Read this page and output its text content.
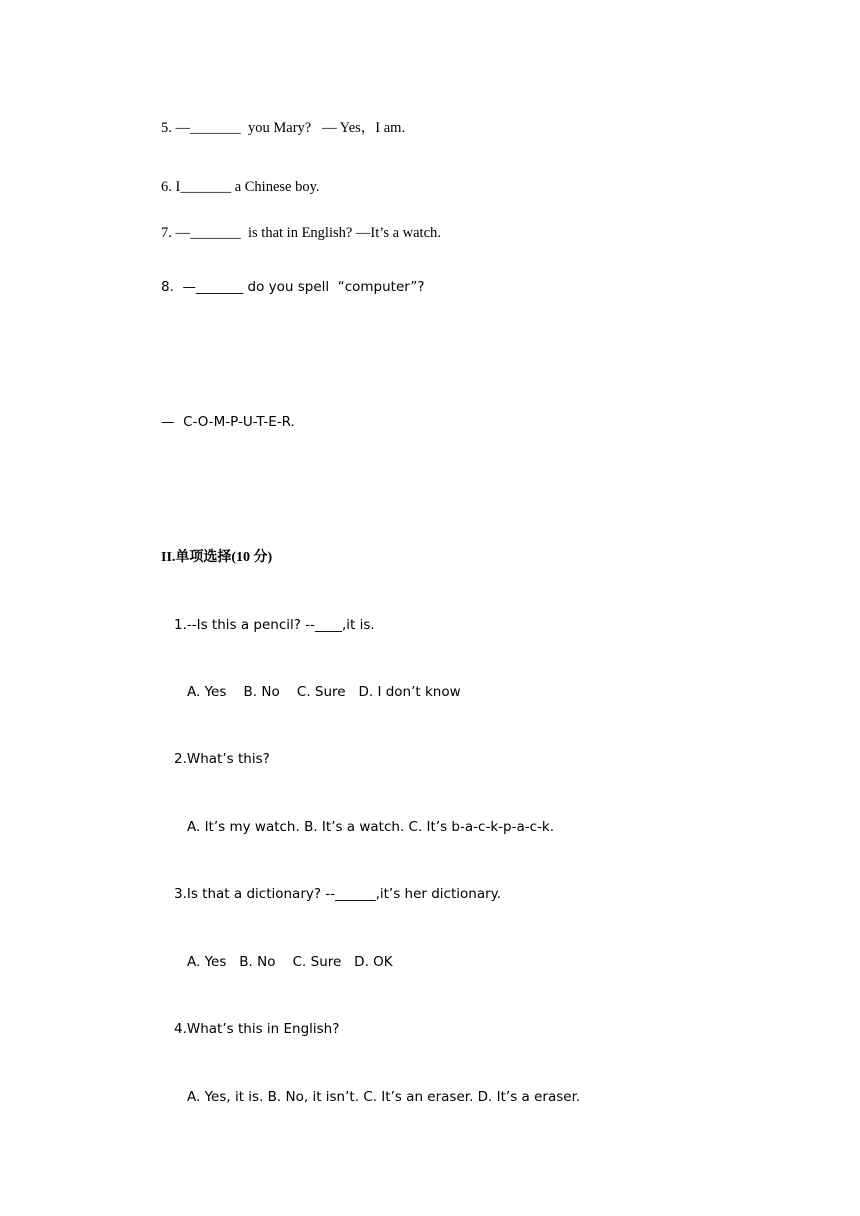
5. —_______  you Mary?   — Yes，I am.
6. I_______ a Chinese boy.
7. —_______  is that in English? —It’s a watch.
8.  —_______ do you spell  “computer”?
—  C-O-M-P-U-T-E-R.
II.单项选择(10 分)
1.--Is this a pencil? --____,it is.
A. Yes    B. No    C. Sure   D. I don’t know
2.What’s this?
A. It’s my watch. B. It’s a watch. C. It’s b-a-c-k-p-a-c-k.
3.Is that a dictionary? --______,it’s her dictionary.
A. Yes   B. No    C. Sure   D. OK
4.What’s this in English?
A. Yes, it is. B. No, it isn’t. C. It’s an eraser. D. It’s a eraser.
